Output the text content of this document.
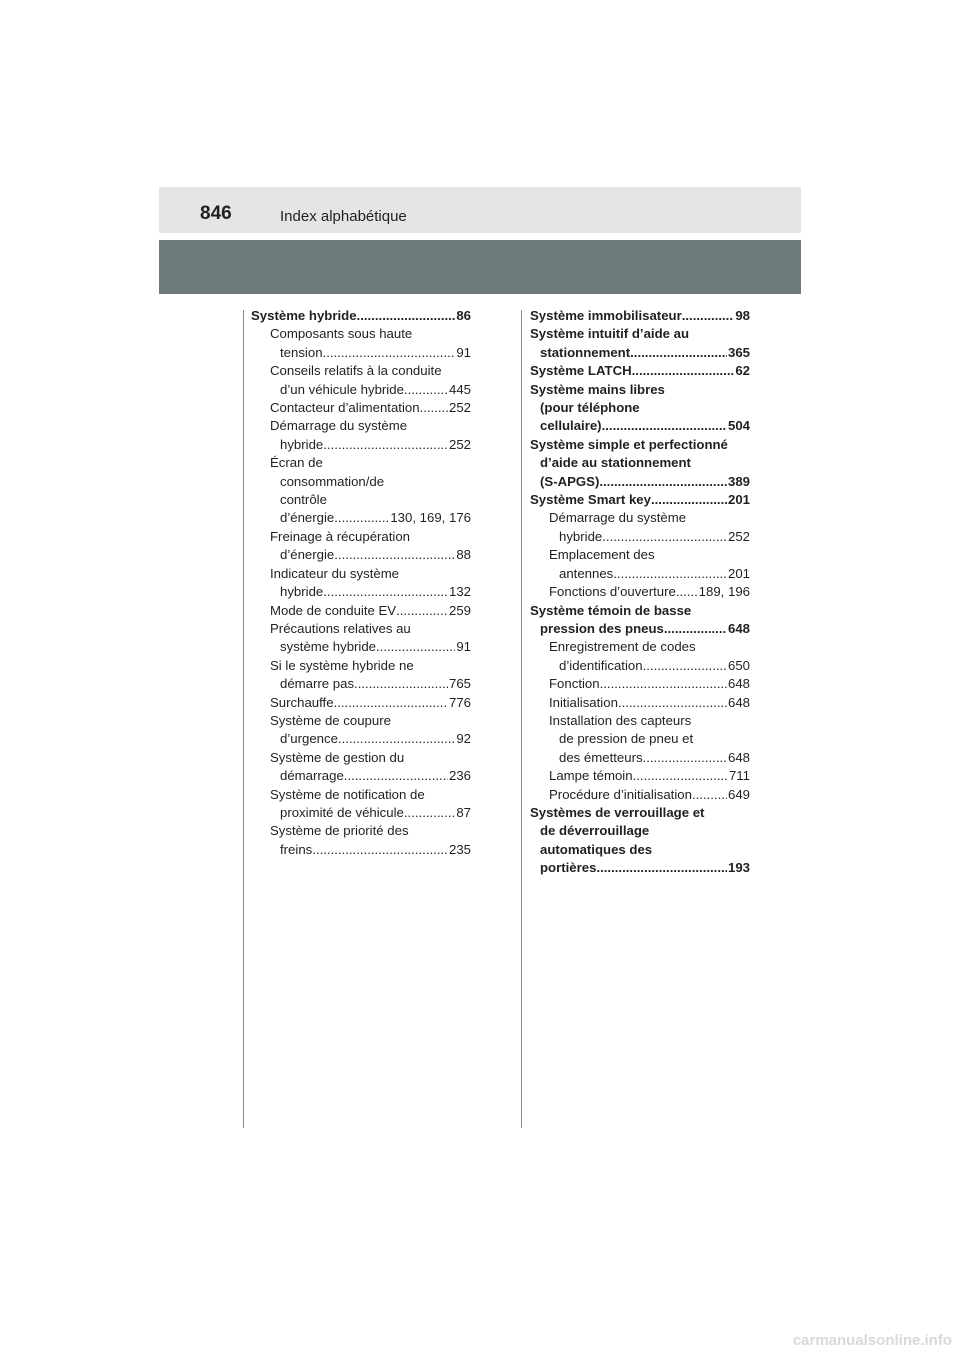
846	Index alphabétique
Système hybride .....	86
Composants sous haute
tension .....	91
Conseils relatifs à la conduite
d’un véhicule hybride .....	445
Contacteur d’alimentation ..... 252
Démarrage du système
hybride .....	252
Écran de
consommation/de
contrôle
d’énergie .....	130, 169, 176
Freinage à récupération
d’énergie .....	88
Indicateur du système
hybride .....	132
Mode de conduite EV .....	259
Précautions relatives au
système hybride .....	91
Si le système hybride ne
démarre pas .....	765
Surchauffe .....	776
Système de coupure
d’urgence .....	92
Système de gestion du
démarrage .....	236
Système de notification de
proximité de véhicule .....	87
Système de priorité des
freins .....	235
Système immobilisateur .....	98
Système intuitif d’aide au
stationnement .....	365
Système LATCH .....	62
Système mains libres
(pour téléphone
cellulaire) .....	504
Système simple et perfectionné
d’aide au stationnement
(S-APGS) .....	389
Système Smart key .....	201
Démarrage du système
hybride .....	252
Emplacement des
antennes .....	201
Fonctions d’ouverture ..... 189, 196
Système témoin de basse
pression des pneus .....	648
Enregistrement de codes
d’identification .....	650
Fonction .....	648
Initialisation .....	648
Installation des capteurs
de pression de pneu et
des émetteurs .....	648
Lampe témoin .....	711
Procédure d’initialisation .....	649
Systèmes de verrouillage et
de déverrouillage
automatiques des
portières .....	193
carmanualsonline.info
